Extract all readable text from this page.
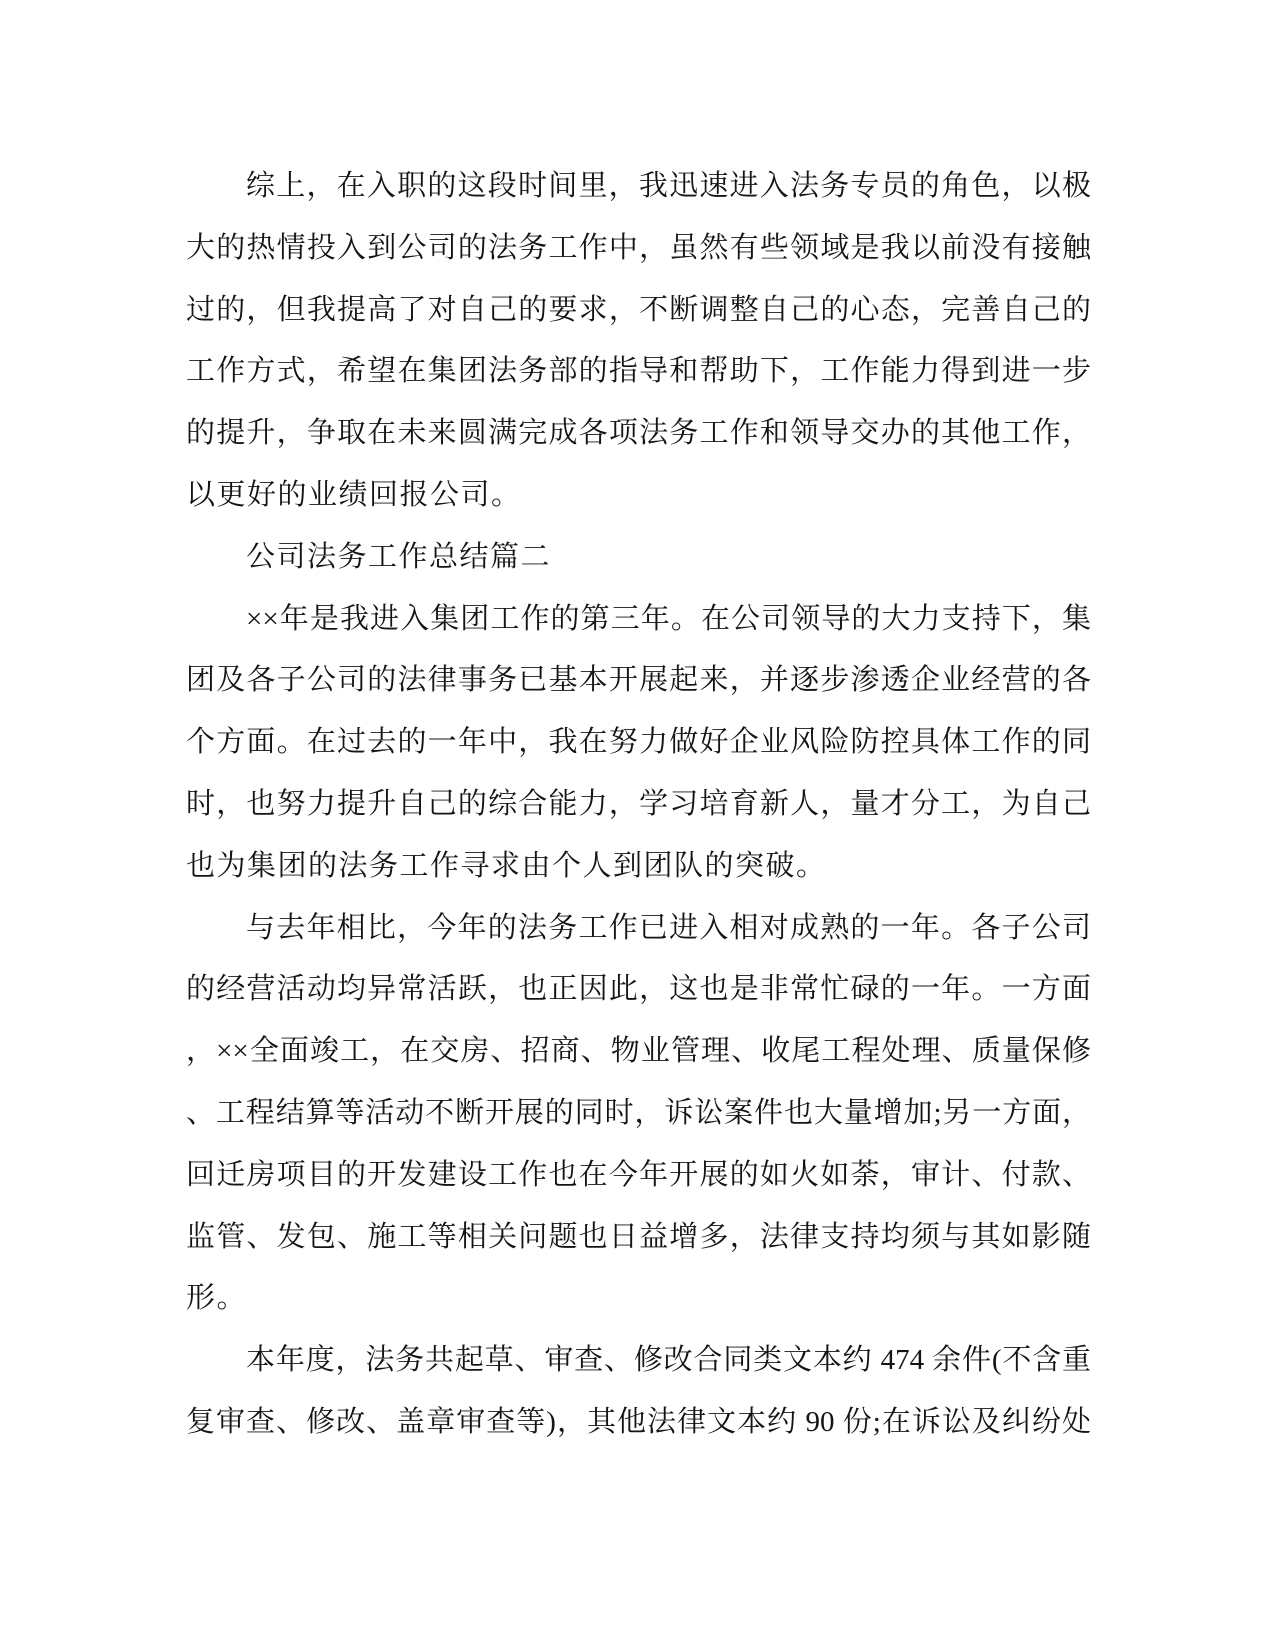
综上，在入职的这段时间里，我迅速进入法务专员的角色，以极
大的热情投入到公司的法务工作中，虽然有些领域是我以前没有接触
过的，但我提高了对自己的要求，不断调整自己的心态，完善自己的
工作方式，希望在集团法务部的指导和帮助下，工作能力得到进一步
的提升，争取在未来圆满完成各项法务工作和领导交办的其他工作，
以更好的业绩回报公司。
公司法务工作总结篇二
××年是我进入集团工作的第三年。在公司领导的大力支持下，集
团及各子公司的法律事务已基本开展起来，并逐步渗透企业经营的各
个方面。在过去的一年中，我在努力做好企业风险防控具体工作的同
时，也努力提升自己的综合能力，学习培育新人，量才分工，为自己
也为集团的法务工作寻求由个人到团队的突破。
与去年相比，今年的法务工作已进入相对成熟的一年。各子公司
的经营活动均异常活跃，也正因此，这也是非常忙碌的一年。一方面
，××全面竣工，在交房、招商、物业管理、收尾工程处理、质量保修
、工程结算等活动不断开展的同时，诉讼案件也大量增加;另一方面，
回迁房项目的开发建设工作也在今年开展的如火如荼，审计、付款、
监管、发包、施工等相关问题也日益增多，法律支持均须与其如影随
形。
本年度，法务共起草、审查、修改合同类文本约 474 余件(不含重
复审查、修改、盖章审查等)，其他法律文本约 90 份;在诉讼及纠纷处
